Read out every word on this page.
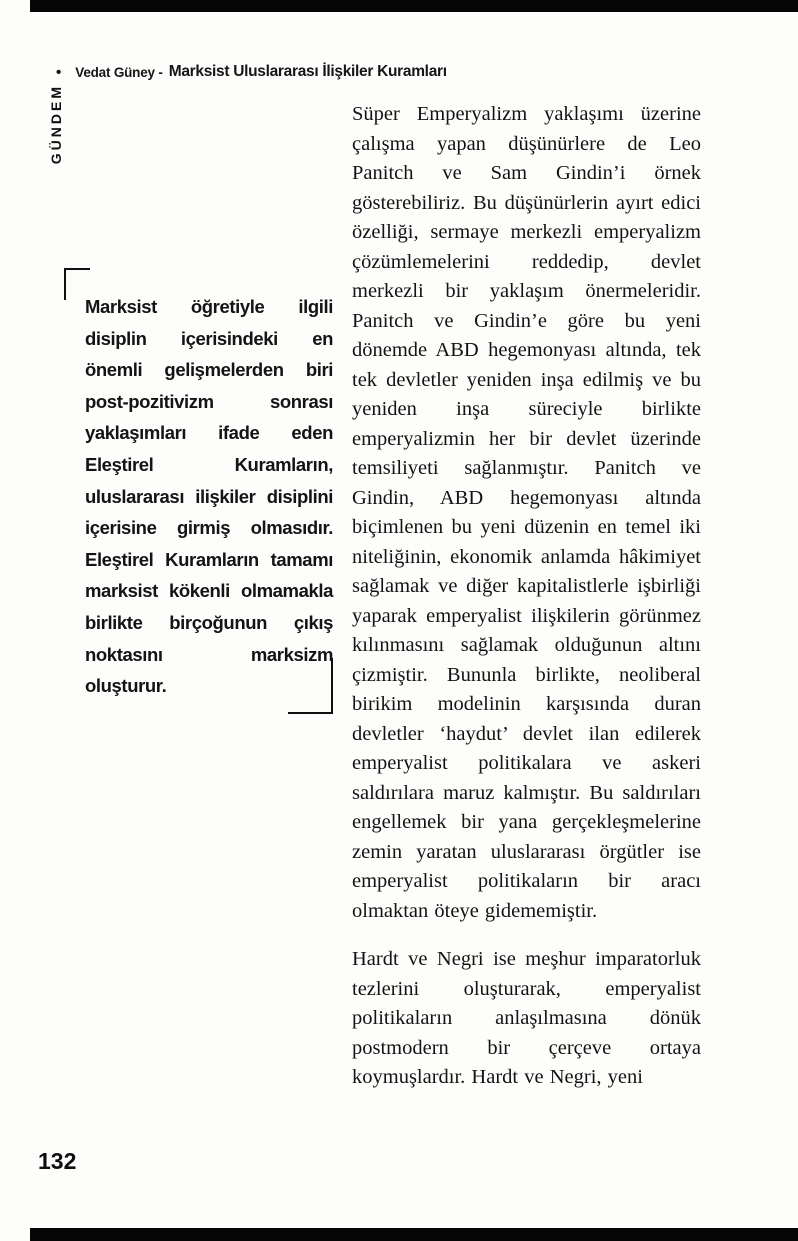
• Vedat Güney - Marksist Uluslararası İlişkiler Kuramları
GÜNDEM
Marksist öğretiyle ilgili disiplin içerisindeki en önemli gelişmelerden biri post-pozitivizm sonrası yaklaşımları ifade eden Eleştirel Kuramların, uluslararası ilişkiler disiplini içerisine girmiş olmasıdır. Eleştirel Kuramların tamamı marksist kökenli olmamakla birlikte birçoğunun çıkış noktasını marksizm oluşturur.

Süper Emperyalizm yaklaşımı üzerine çalışma yapan düşünürlere de Leo Panitch ve Sam Gindin’i örnek gösterebiliriz. Bu düşünürlerin ayırt edici özelliği, sermaye merkezli emperyalizm çözümlemelerini reddedip, devlet merkezli bir yaklaşım önermeleridir. Panitch ve Gindin’e göre bu yeni dönemde ABD hegemonyası altında, tek tek devletler yeniden inşa edilmiş ve bu yeniden inşa süreciyle birlikte emperyalizmin her bir devlet üzerinde temsiliyeti sağlanmıştır. Panitch ve Gindin, ABD hegemonyası altında biçimlenen bu yeni düzenin en temel iki niteliğinin, ekonomik anlamda hâkimiyet sağlamak ve diğer kapitalistlerle işbirliği yaparak emperyalist ilişkilerin görünmez kılınmasını sağlamak olduğunun altını çizmiştir. Bununla birlikte, neoliberal birikim modelinin karşısında duran devletler ‘haydut’ devlet ilan edilerek emperyalist politikalara ve askeri saldırılara maruz kalmıştır. Bu saldırıları engellemek bir yana gerçekleşmelerine zemin yaratan uluslararası örgütler ise emperyalist politikaların bir aracı olmaktan öteye gidememiştir.

Hardt ve Negri ise meşhur imparatorluk tezlerini oluşturarak, emperyalist politikaların anlaşılmasına dönük postmodern bir çerçeve ortaya koymuşlardır. Hardt ve Negri, yeni

132
